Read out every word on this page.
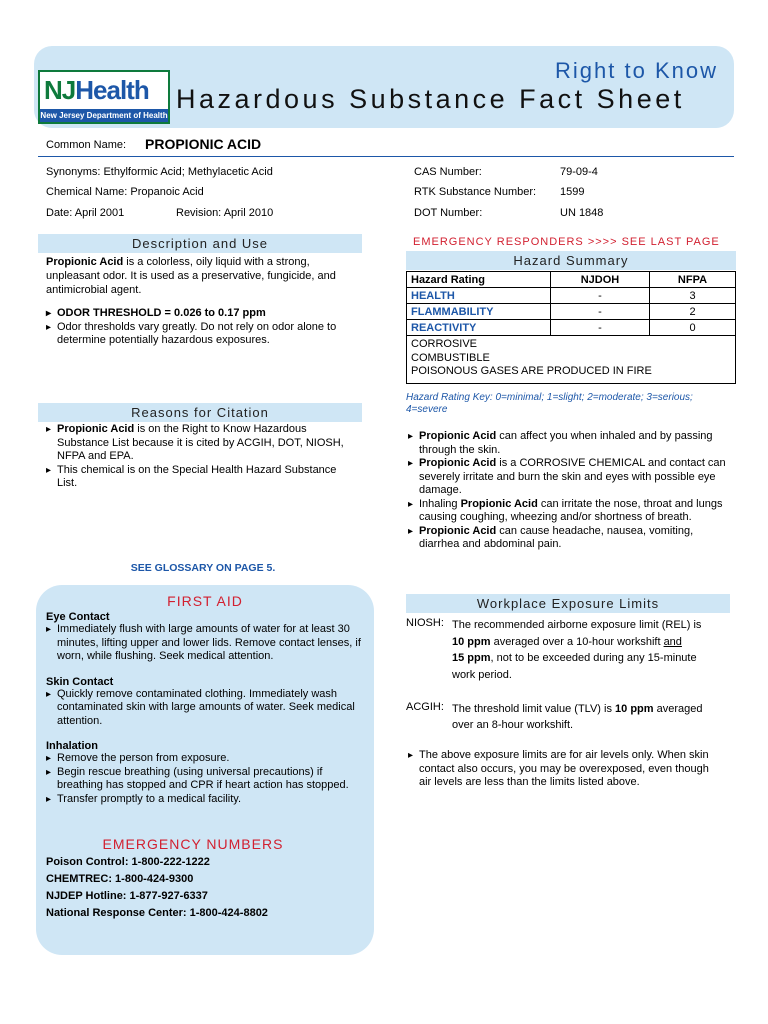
NJHealth
New Jersey Department of Health
Right to Know
Hazardous Substance Fact Sheet
Common Name: PROPIONIC ACID
Synonyms: Ethylformic Acid; Methylacetic Acid
Chemical Name: Propanoic Acid
Date: April 2001	Revision: April 2010
CAS Number:	79-09-4
RTK Substance Number: 1599
DOT Number:	UN 1848
Description and Use

Propionic Acid is a colorless, oily liquid with a strong, unpleasant odor. It is used as a preservative, fungicide, and antimicrobial agent.

▸ ODOR THRESHOLD = 0.026 to 0.17 ppm
▸ Odor thresholds vary greatly. Do not rely on odor alone to determine potentially hazardous exposures.
Reasons for Citation
▸ Propionic Acid is on the Right to Know Hazardous Substance List because it is cited by ACGIH, DOT, NIOSH, NFPA and EPA.
▸ This chemical is on the Special Health Hazard Substance List.
SEE GLOSSARY ON PAGE 5.
FIRST AID

Eye Contact

▸ Immediately flush with large amounts of water for at least 30 minutes, lifting upper and lower lids. Remove contact lenses, if worn, while flushing. Seek medical attention.

Skin Contact

▸ Quickly remove contaminated clothing. Immediately wash contaminated skin with large amounts of water. Seek medical attention.

Inhalation

▸ Remove the person from exposure.
▸ Begin rescue breathing (using universal precautions) if breathing has stopped and CPR if heart action has stopped.
▸ Transfer promptly to a medical facility.
EMERGENCY NUMBERS
Poison Control: 1-800-222-1222
CHEMTREC: 1-800-424-9300
NJDEP Hotline: 1-877-927-6337
National Response Center: 1-800-424-8802
EMERGENCY RESPONDERS >>>> SEE LAST PAGE
Hazard Summary
Hazard Rating	NJDOH	NFPA
HEALTH	-	3
FLAMMABILITY	-	2
REACTIVITY	-	0

CORROSIVE
COMBUSTIBLE
POISONOUS GASES ARE PRODUCED IN FIRE		
Hazard Rating Key: 0=minimal; 1=slight; 2=moderate; 3=serious; 4=severe
▸ Propionic Acid can affect you when inhaled and by passing through the skin.
▸ Propionic Acid is a CORROSIVE CHEMICAL and contact can severely irritate and burn the skin and eyes with possible eye damage.
▸ Inhaling Propionic Acid can irritate the nose, throat and lungs causing coughing, wheezing and/or shortness of breath.
▸ Propionic Acid can cause headache, nausea, vomiting, diarrhea and abdominal pain.
Workplace Exposure Limits
NIOSH: The recommended airborne exposure limit (REL) is
10 ppm averaged over a 10-hour workshift and
15 ppm, not to be exceeded during any 15-minute
work period.
ACGIH: The threshold limit value (TLV) is 10 ppm averaged
over an 8-hour workshift.
▸ The above exposure limits are for air levels only. When skin contact also occurs, you may be overexposed, even though air levels are less than the limits listed above.
